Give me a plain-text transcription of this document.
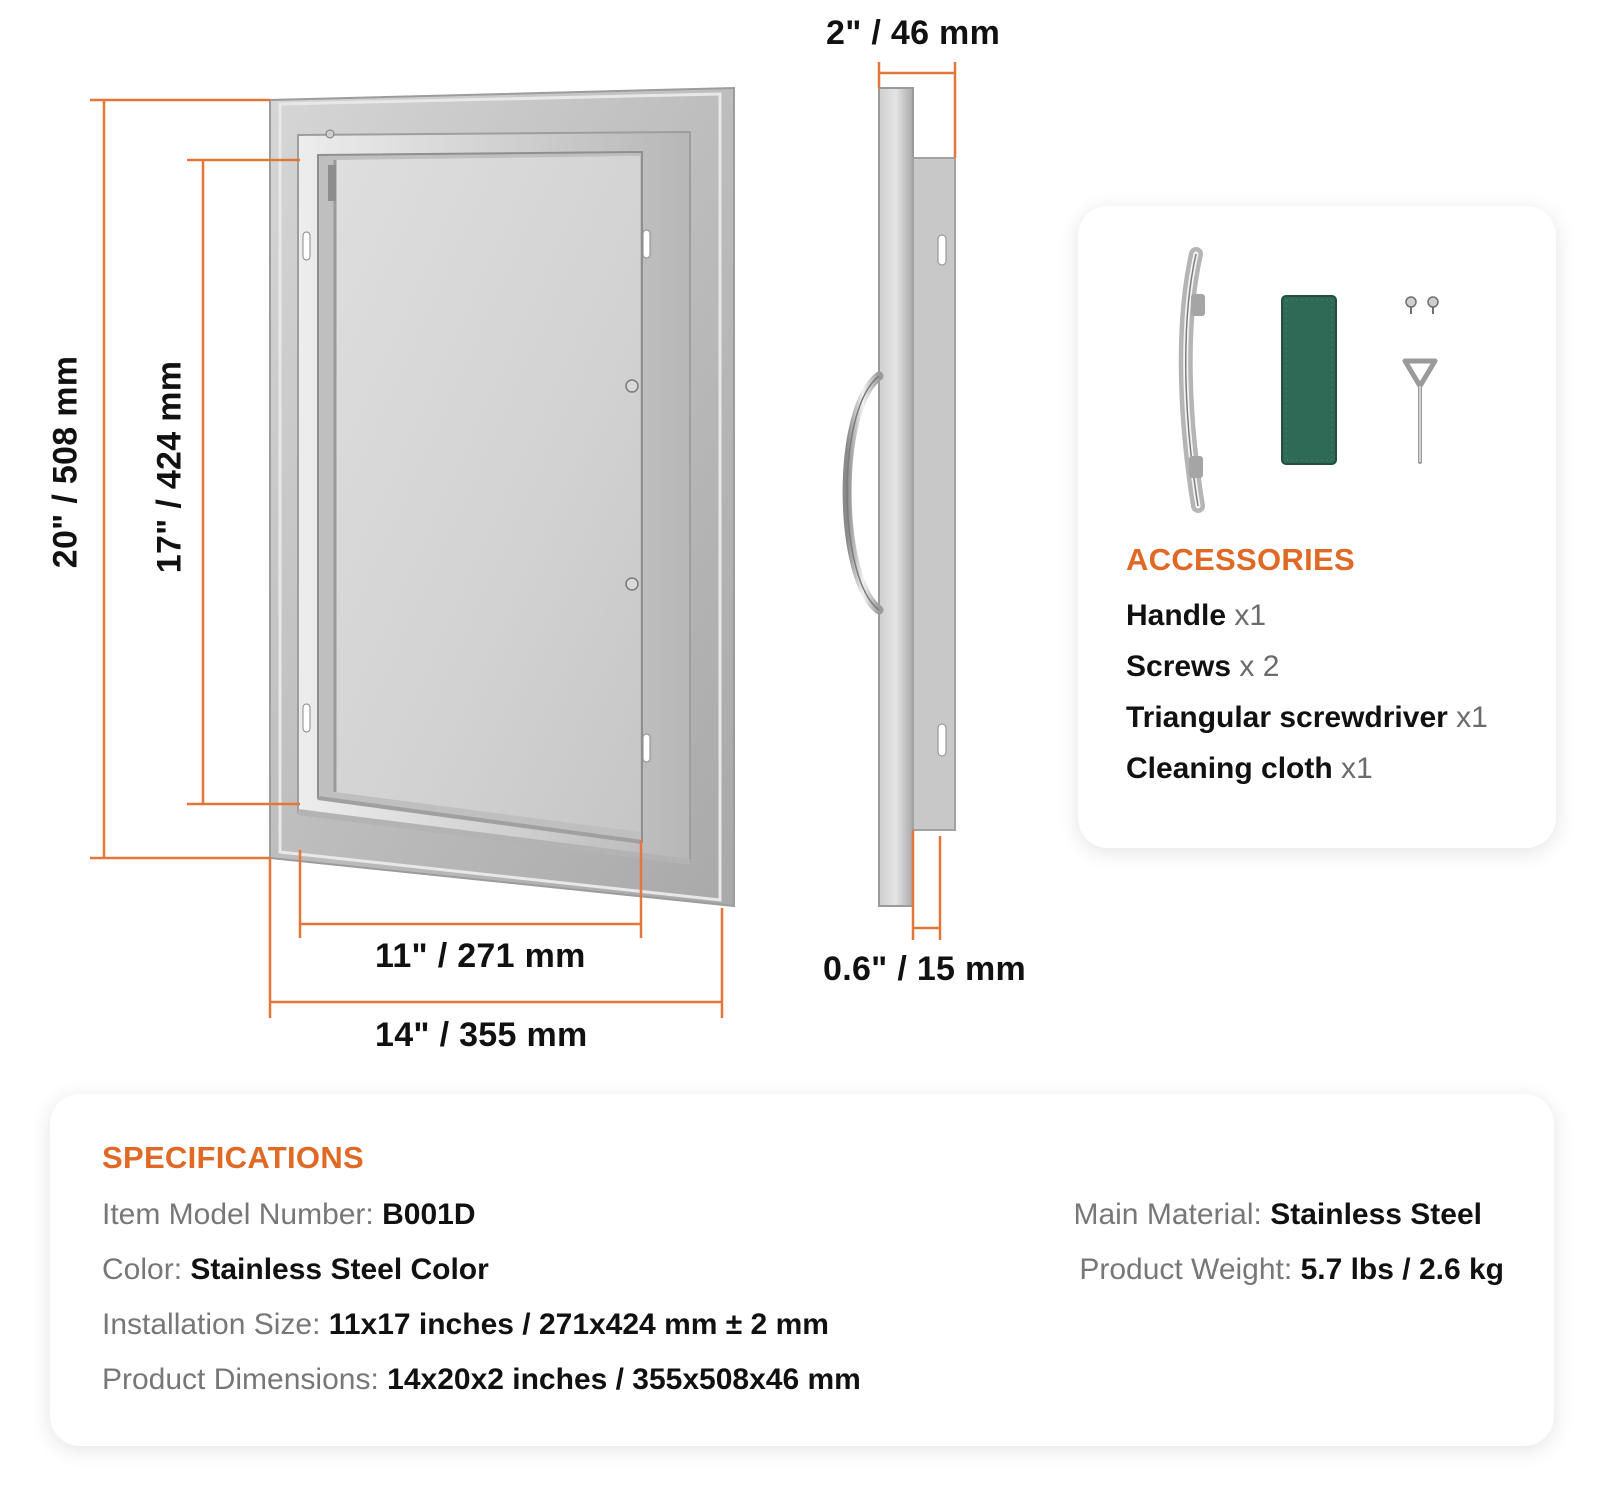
20" / 508 mm 17" / 424 mm
11" / 271 mm
14" / 355 mm
2" / 46 mm
0.6" / 15 mm
ACCESSORIES
Handle x1
Screws x 2
Triangular screwdriver x1
Cleaning cloth x1
SPECIFICATIONS
Item Model Number: B001D
Color: Stainless Steel Color
Installation Size: 11x17 inches / 271x424 mm ± 2 mm
Product Dimensions: 14x20x2 inches / 355x508x46 mm
Main Material: Stainless Steel
Product Weight: 5.7 lbs / 2.6 kg
